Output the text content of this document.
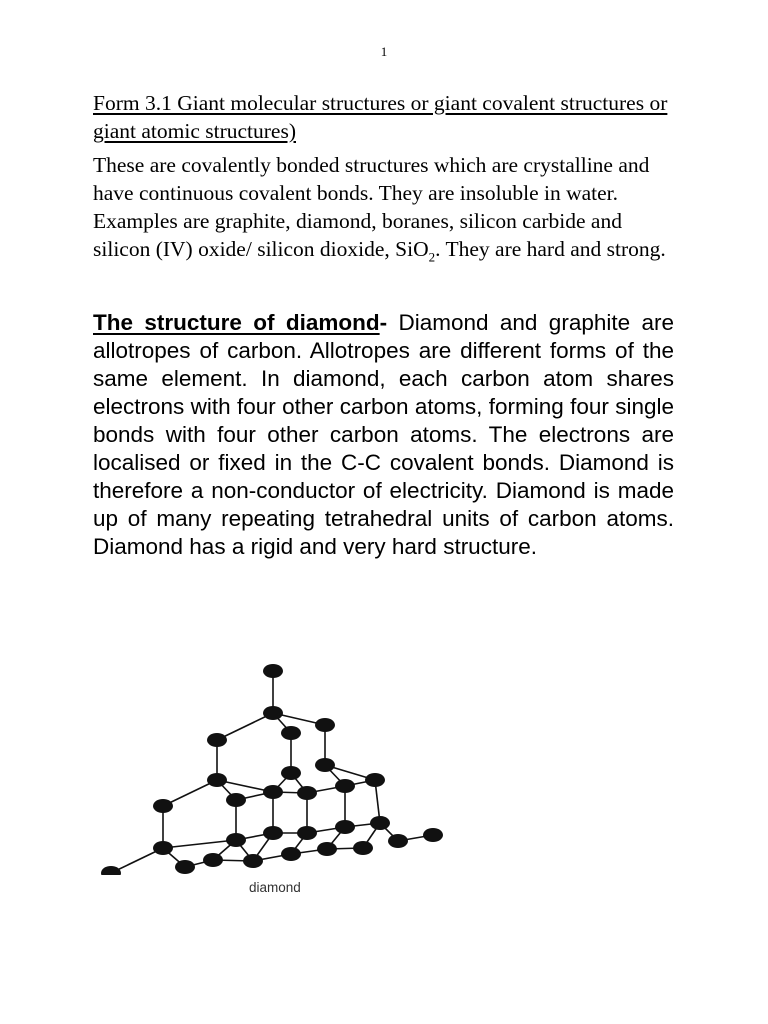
1
Form 3.1 Giant molecular structures or giant covalent structures or giant atomic structures)
These are covalently bonded structures which are crystalline and have continuous covalent bonds. They are insoluble in water. Examples are graphite, diamond, boranes, silicon carbide and silicon (IV) oxide/ silicon dioxide, SiO$_2$. They are hard and strong.
The structure of diamond- Diamond and graphite are allotropes of carbon. Allotropes are different forms of the same element. In diamond, each carbon atom shares electrons with four other carbon atoms, forming four single bonds with four other carbon atoms. The electrons are localised or fixed in the C-C covalent bonds. Diamond is therefore a non-conductor of electricity. Diamond is made up of many repeating tetrahedral units of carbon atoms. Diamond has a rigid and very hard structure.
diamond
